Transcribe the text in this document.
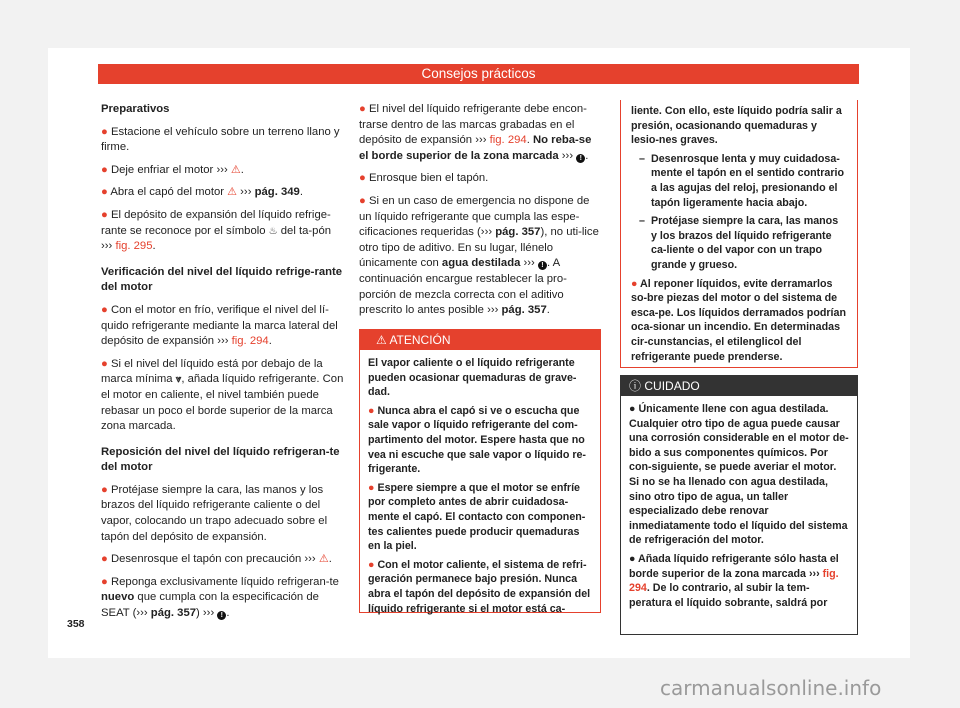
Consejos prácticos

Preparativos

● Estacione el vehículo sobre un terreno llano y firme.

● Deje enfriar el motor ››› ⚠.

● Abra el capó del motor ⚠ ››› pág. 349.

● El depósito de expansión del líquido refrige-rante se reconoce por el símbolo ♨ del ta-pón ››› fig. 295.

Verificación del nivel del líquido refrige-rante del motor

● Con el motor en frío, verifique el nivel del lí-quido refrigerante mediante la marca lateral del depósito de expansión ››› fig. 294.

● Si el nivel del líquido está por debajo de la marca mínima ⩔, añada líquido refrigerante. Con el motor en caliente, el nivel también puede rebasar un poco el borde superior de la marca zona marcada.

Reposición del nivel del líquido refrigeran-te del motor

● Protéjase siempre la cara, las manos y los brazos del líquido refrigerante caliente o del vapor, colocando un trapo adecuado sobre el tapón del depósito de expansión.

● Desenrosque el tapón con precaución ››› ⚠.

● Reponga exclusivamente líquido refrigeran-te nuevo que cumpla con la especificación de SEAT (››› pág. 357) ››› ! .

● El nivel del líquido refrigerante debe encon-trarse dentro de las marcas grabadas en el depósito de expansión ››› fig. 294. No reba-se el borde superior de la zona marcada ››› ! .

● Enrosque bien el tapón.

● Si en un caso de emergencia no dispone de un líquido refrigerante que cumpla las espe-cificaciones requeridas (››› pág. 357), no uti-lice otro tipo de aditivo. En su lugar, llénelo únicamente con agua destilada ››› ! . A continuación encargue restablecer la pro-porción de mezcla correcta con el aditivo prescrito lo antes posible ››› pág. 357.

⚠ ATENCIÓN

El vapor caliente o el líquido refrigerante pueden ocasionar quemaduras de grave-dad.

● Nunca abra el capó si ve o escucha que sale vapor o líquido refrigerante del com-partimento del motor. Espere hasta que no vea ni escuche que sale vapor o líquido re-frigerante.

● Espere siempre a que el motor se enfríe por completo antes de abrir cuidadosa-mente el capó. El contacto con componen-tes calientes puede producir quemaduras en la piel.

● Con el motor caliente, el sistema de refri-geración permanece bajo presión. Nunca abra el tapón del depósito de expansión del líquido refrigerante si el motor está ca-

liente. Con ello, este líquido podría salir a presión, ocasionando quemaduras y lesio-nes graves.

– Desenrosque lenta y muy cuidadosa-mente el tapón en el sentido contrario a las agujas del reloj, presionando el tapón ligeramente hacia abajo.
– Protéjase siempre la cara, las manos y los brazos del líquido refrigerante ca-liente o del vapor con un trapo grande y grueso.

● Al reponer líquidos, evite derramarlos so-bre piezas del motor o del sistema de esca-pe. Los líquidos derramados podrían oca-sionar un incendio. En determinadas cir-cunstancias, el etilenglicol del refrigerante puede prenderse.

ⓘ CUIDADO

● Únicamente llene con agua destilada. Cualquier otro tipo de agua puede causar una corrosión considerable en el motor de-bido a sus componentes químicos. Por con-siguiente, se puede averiar el motor. Si no se ha llenado con agua destilada, sino otro tipo de agua, un taller especializado debe renovar inmediatamente todo el líquido del sistema de refrigeración del motor.

● Añada líquido refrigerante sólo hasta el borde superior de la zona marcada ››› fig. 294. De lo contrario, al subir la tem-peratura el líquido sobrante, saldrá por

358
carmanualsonline.info
